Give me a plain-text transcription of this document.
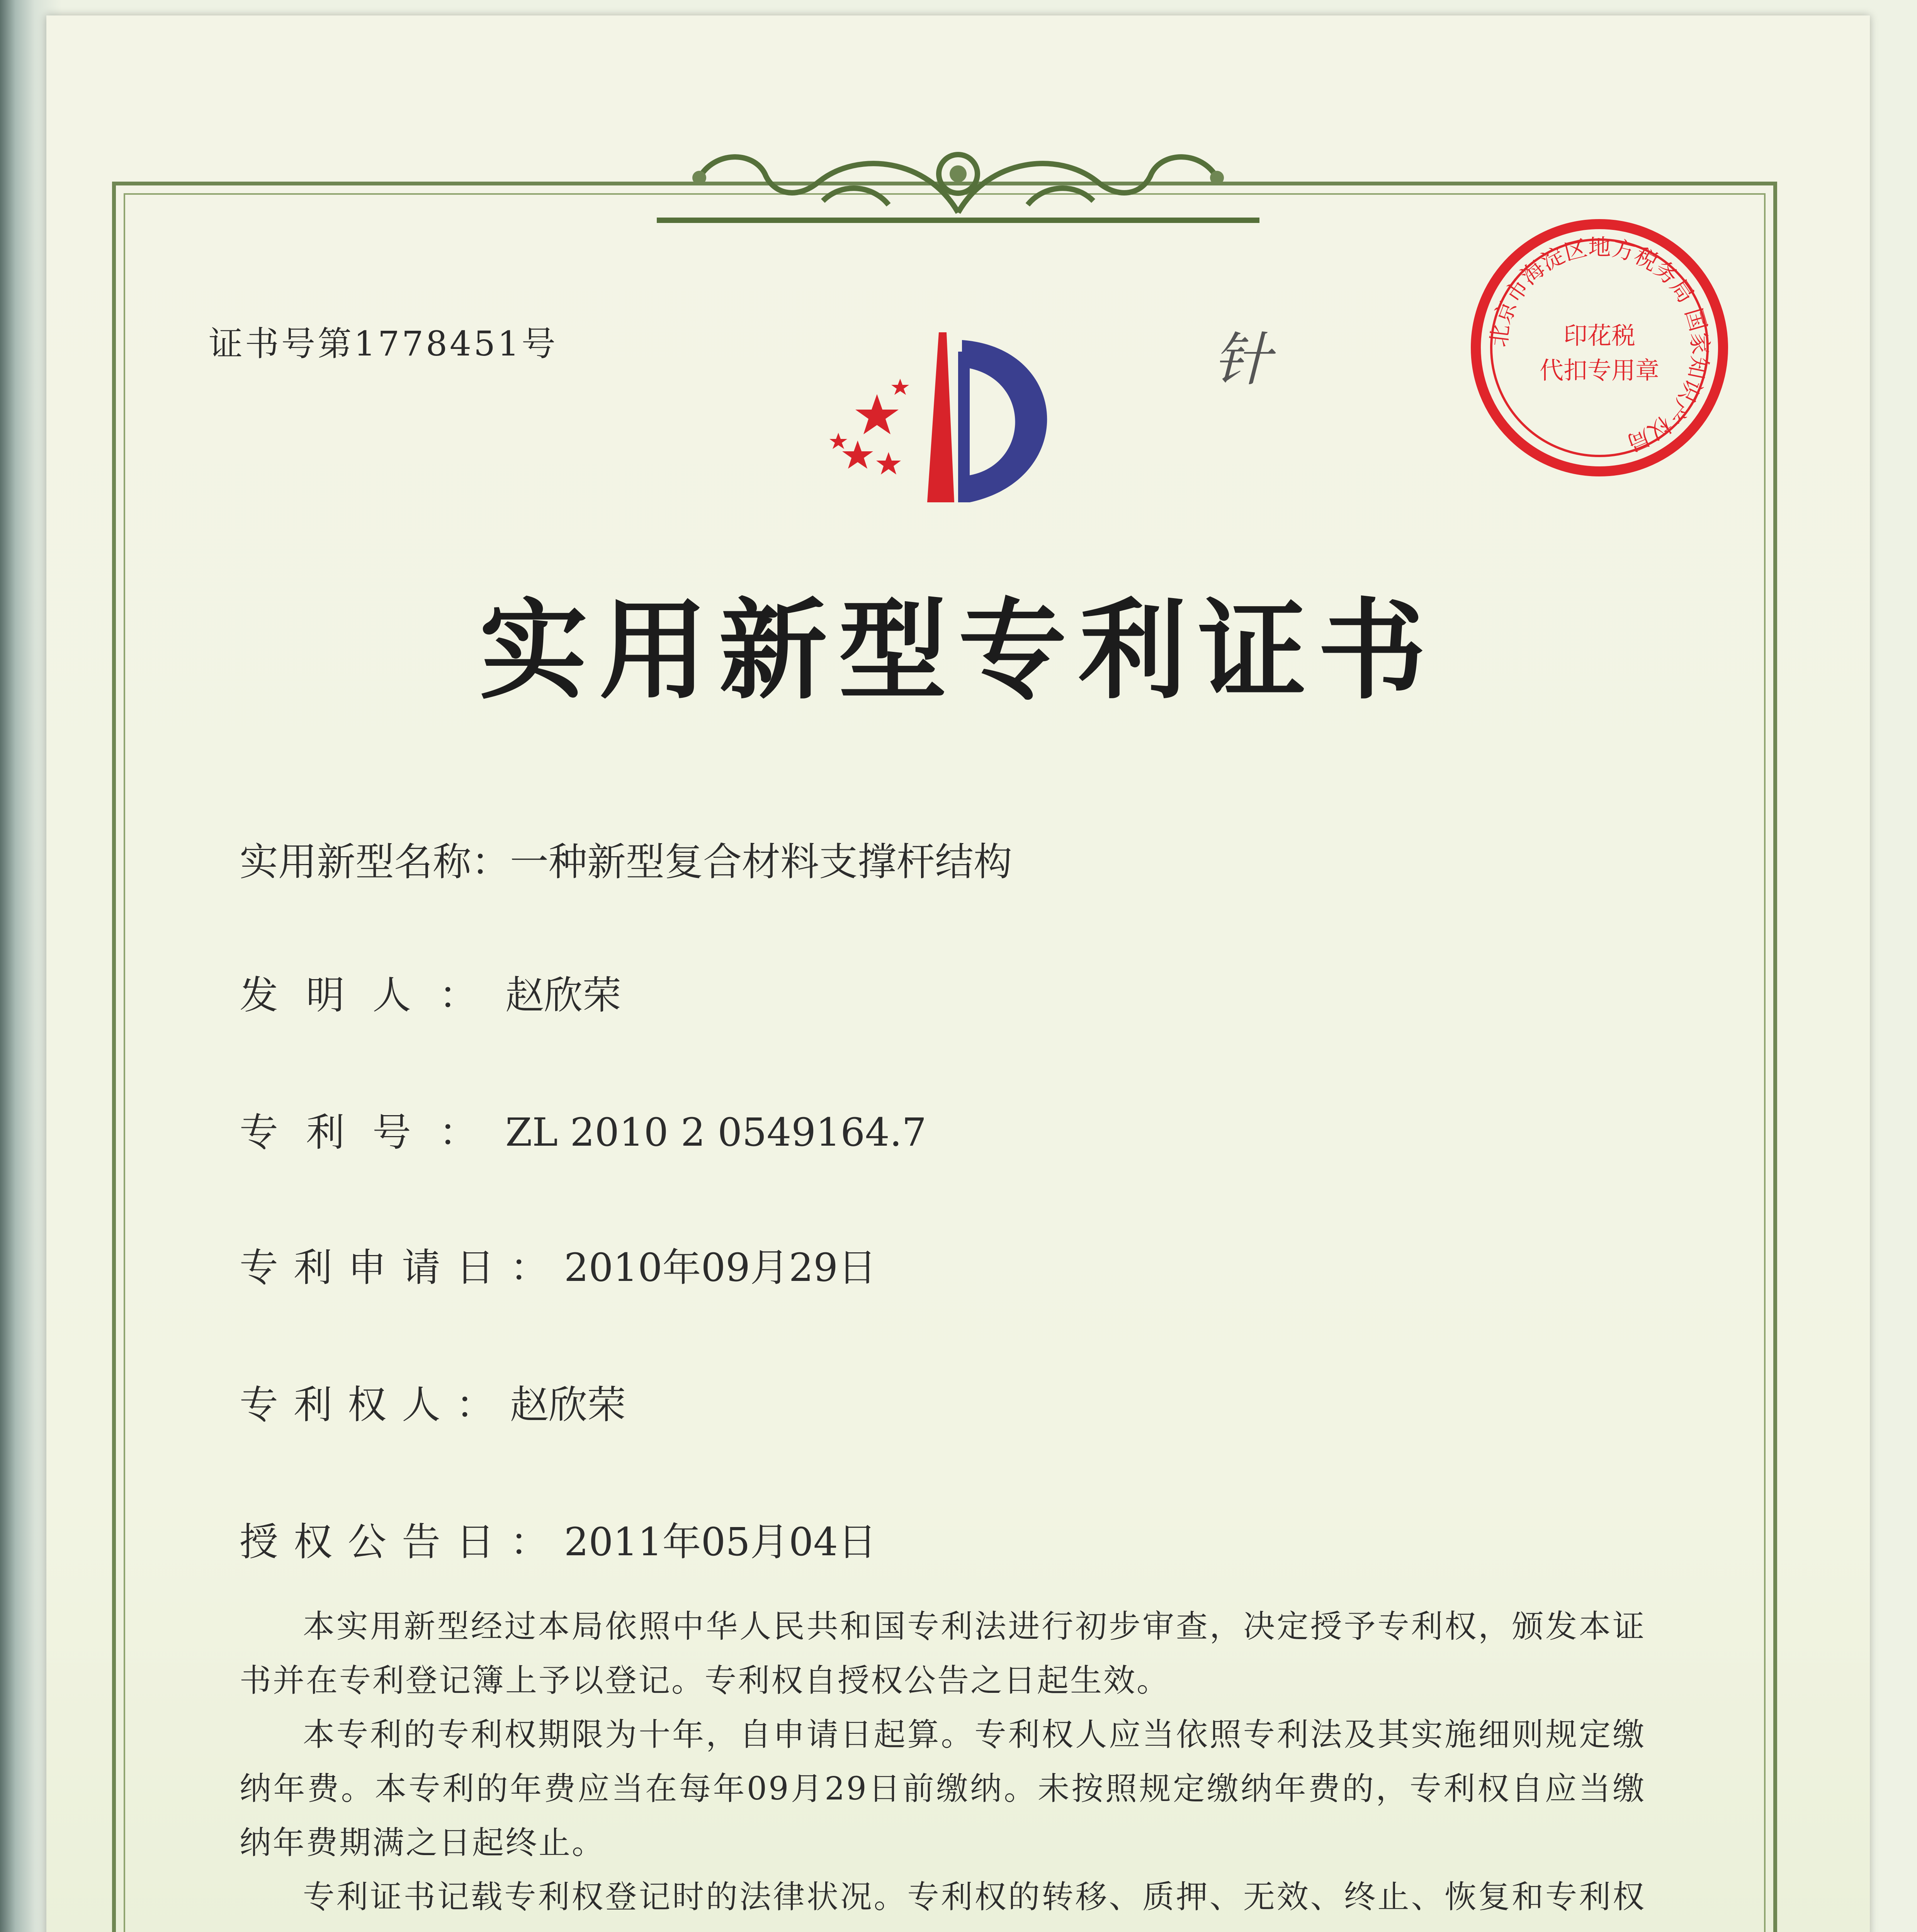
证书号第1778451号	针	北京市海淀区地方税务局 国家知识产权局
印花税
代扣专用章
实用新型专利证书
实用新型名称：一种新型复合材料支撑杆结构
发明人：赵欣荣
专利号：ZL 2010 2 0549164.7
专利申请日：2010年09月29日
专利权人：赵欣荣
授权公告日：2011年05月04日
本实用新型经过本局依照中华人民共和国专利法进行初步审查，决定授予专利权，颁发本证书并在专利登记簿上予以登记。专利权自授权公告之日起生效。
本专利的专利权期限为十年，自申请日起算。专利权人应当依照专利法及其实施细则规定缴纳年费。本专利的年费应当在每年09月29日前缴纳。未按照规定缴纳年费的，专利权自应当缴纳年费期满之日起终止。
专利证书记载专利权登记时的法律状况。专利权的转移、质押、无效、终止、恢复和专利权
